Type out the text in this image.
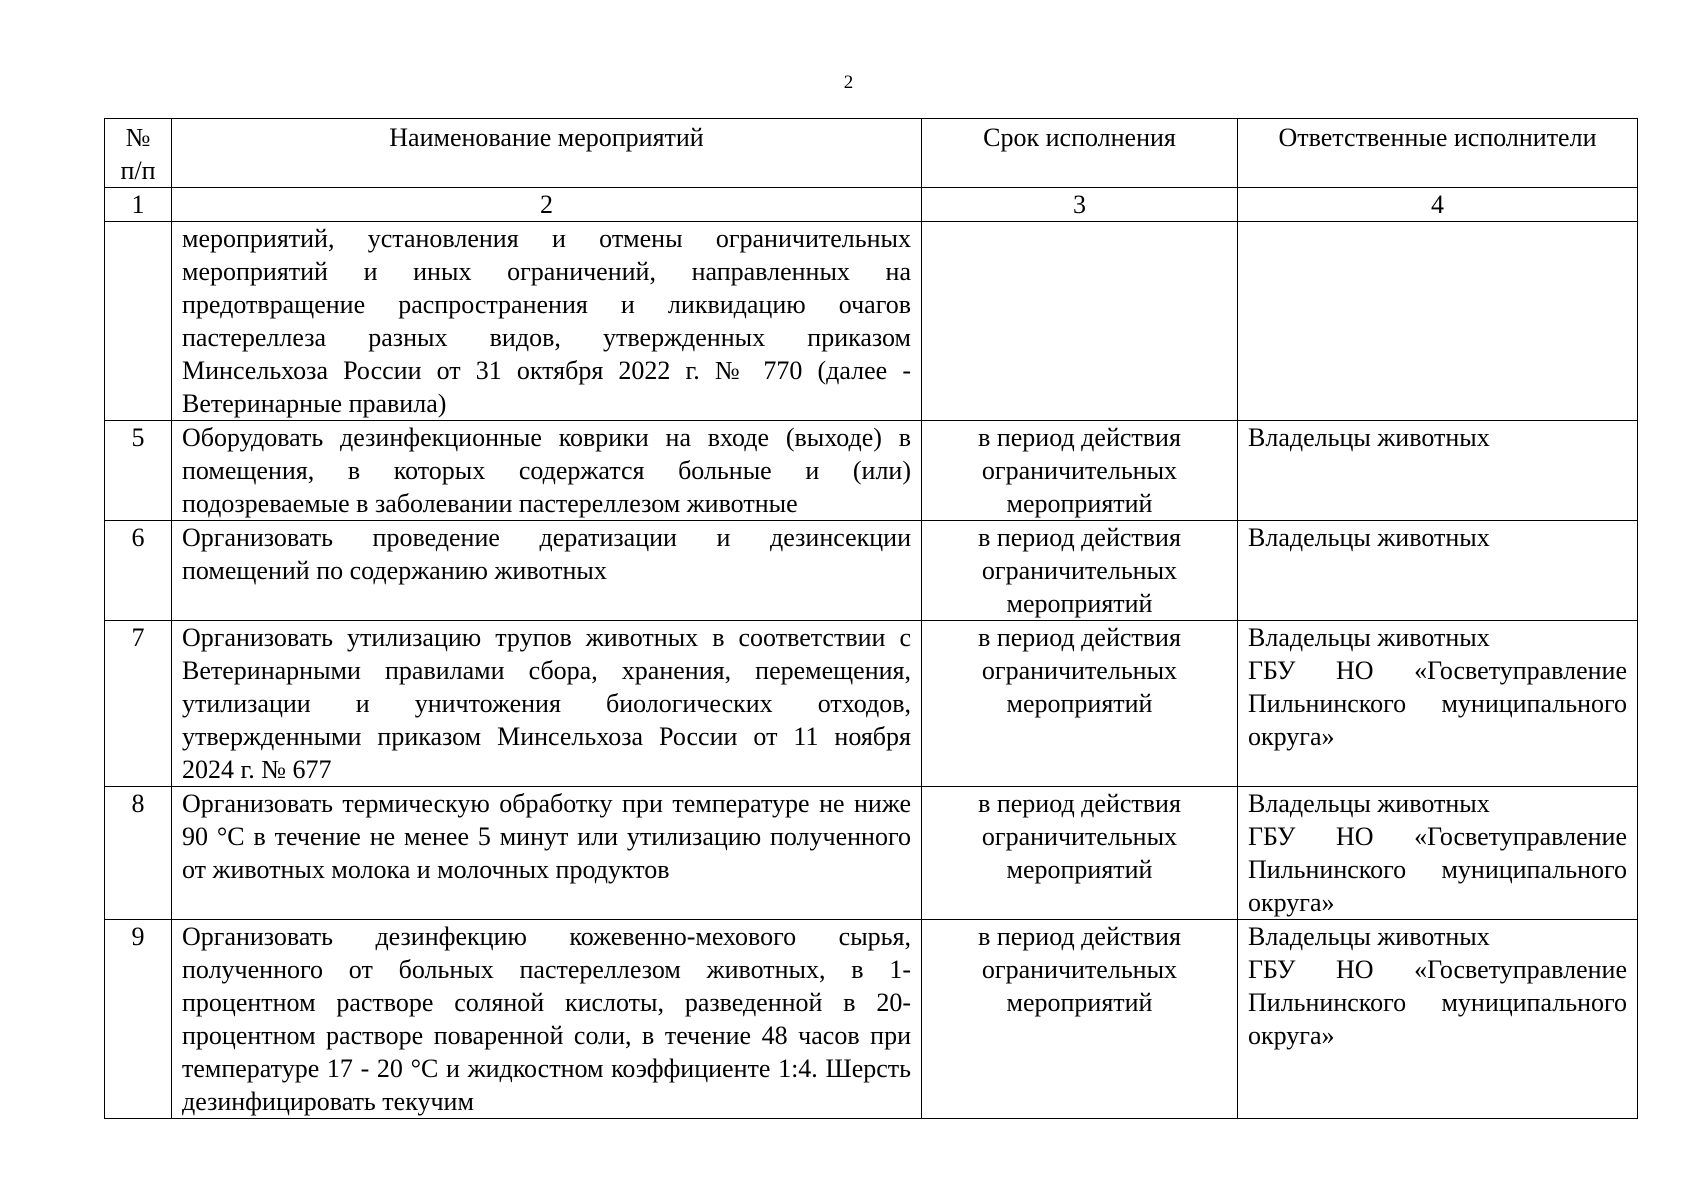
2
№ п/п	Наименование мероприятий	Срок исполнения	Ответственные исполнители
1	2	3	4
	мероприятий, установления и отмены ограничительных мероприятий и иных ограничений, направленных на предотвращение распространения и ликвидацию очагов пастереллеза разных видов, утвержденных приказом Минсельхоза России от 31 октября 2022 г. № 770 (далее - Ветеринарные правила)		
5	Оборудовать дезинфекционные коврики на входе (выходе) в помещения, в которых содержатся больные и (или) подозреваемые в заболевании пастереллезом животные	в период действия ограничительных мероприятий	Владельцы животных

6	Организовать проведение дератизации и дезинсекции помещений по содержанию животных	в период действия ограничительных мероприятий	Владельцы животных

7	Организовать утилизацию трупов животных в соответствии с Ветеринарными правилами сбора, хранения, перемещения, утилизации и уничтожения биологических отходов, утвержденными приказом Минсельхоза России от 11 ноября 2024 г. № 677	в период действия ограничительных мероприятий	Владельцы животных
ГБУ НО «Госветуправление Пильнинского муниципального округа»

8	Организовать термическую обработку при температуре не ниже 90 °С в течение не менее 5 минут или утилизацию полученного от животных молока и молочных продуктов	в период действия ограничительных мероприятий	Владельцы животных
ГБУ НО «Госветуправление Пильнинского муниципального округа»

9	Организовать дезинфекцию кожевенно-мехового сырья, полученного от больных пастереллезом животных, в 1-процентном растворе соляной кислоты, разведенной в 20-процентном растворе поваренной соли, в течение 48 часов при температуре 17 - 20 °С и жидкостном коэффициенте 1:4. Шерсть дезинфицировать текучим	в период действия ограничительных мероприятий	Владельцы животных
ГБУ НО «Госветуправление Пильнинского муниципального округа»
